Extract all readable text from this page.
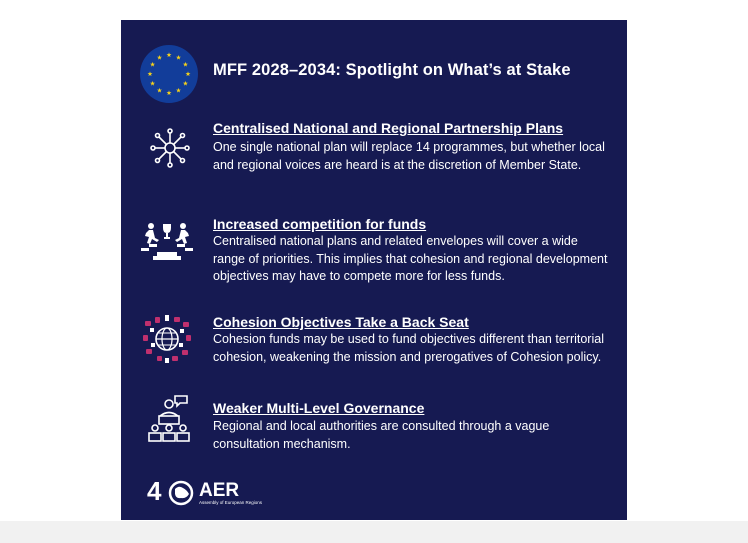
MFF 2028–2034: Spotlight on What’s at Stake
Centralised National and Regional Partnership Plans
One single national plan will replace 14 programmes, but whether local and regional voices are heard is at the discretion of Member State.
Increased competition for funds
Centralised national plans and related envelopes will cover a wide range of priorities. This implies that cohesion and regional development objectives may have to compete more for less funds.
Cohesion Objectives Take a Back Seat
Cohesion funds may be used to fund objectives different than territorial cohesion, weakening the mission and prerogatives of Cohesion policy.
Weaker Multi-Level Governance
Regional and local authorities are consulted through a vague consultation mechanism.
4 AER
Assembly of European Regions
